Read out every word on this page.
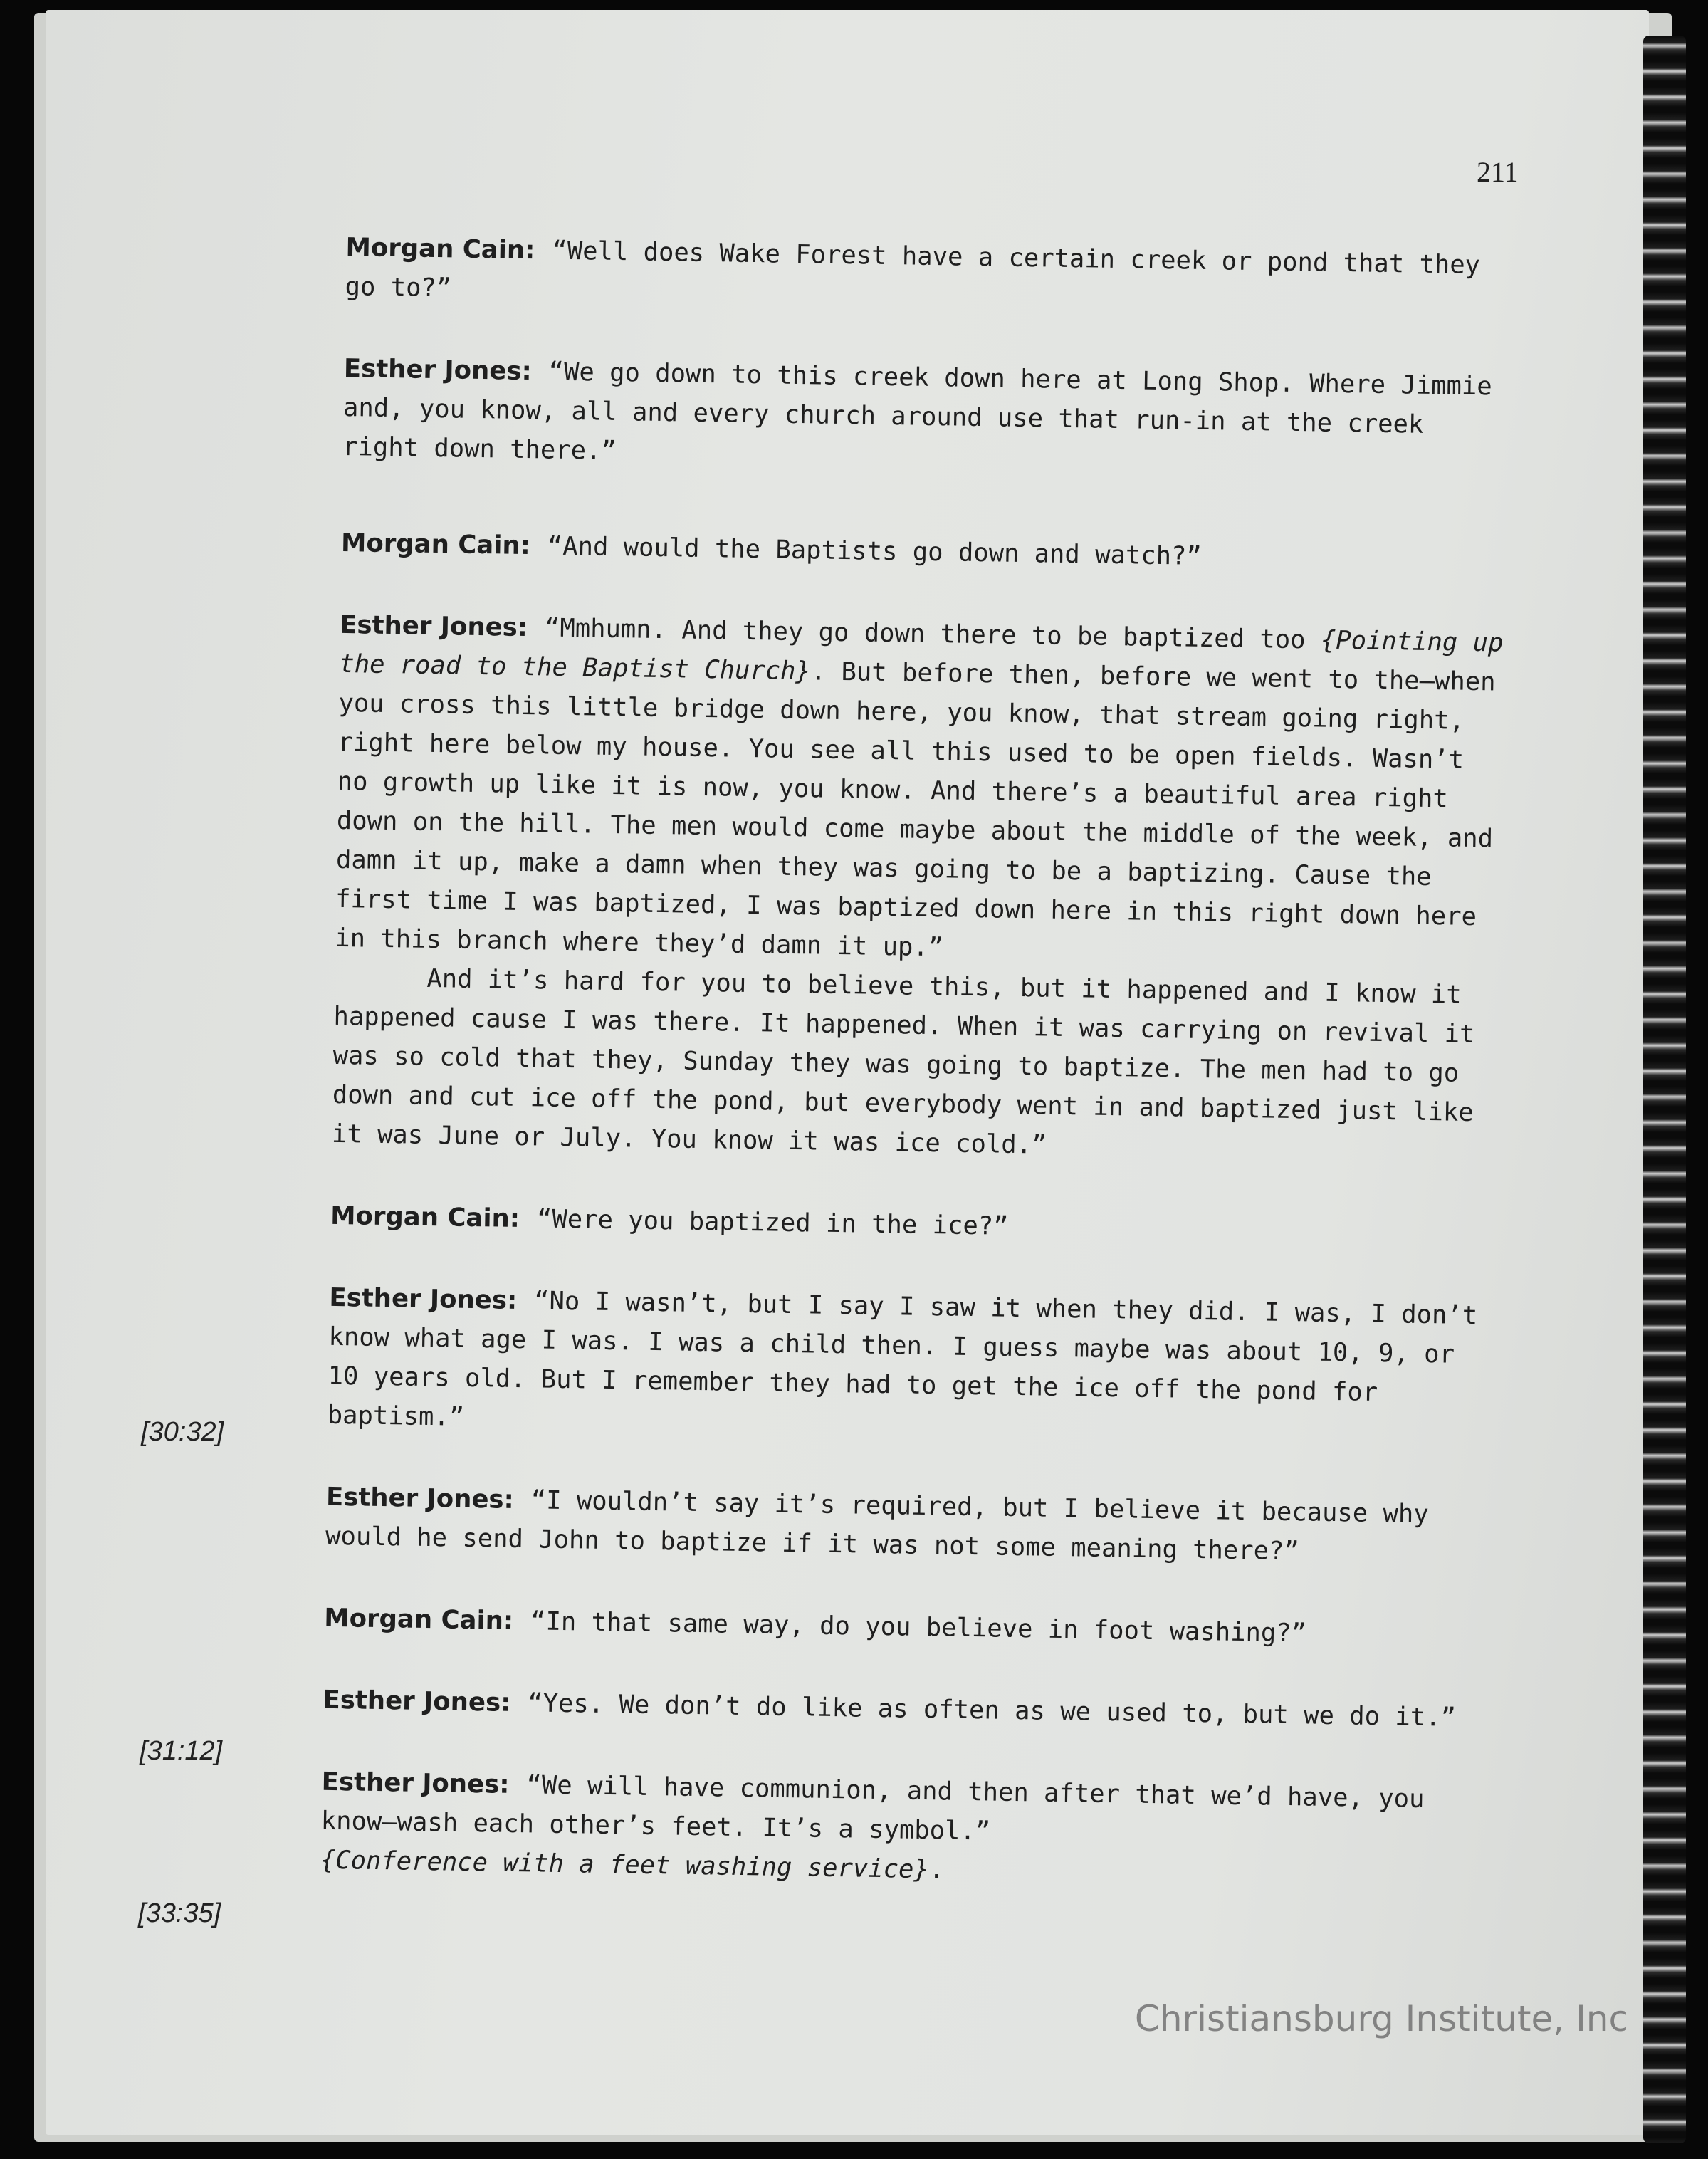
211

Morgan Cain: “Well does Wake Forest have a certain creek or pond that they go to?”

Esther Jones: “We go down to this creek down here at Long Shop. Where Jimmie and, you know, all and every church around use that run-in at the creek right down there.”

Morgan Cain: “And would the Baptists go down and watch?”

Esther Jones: “Mmhumn. And they go down there to be baptized too {Pointing up the road to the Baptist Church}. But before then, before we went to the—when you cross this little bridge down here, you know, that stream going right, right here below my house. You see all this used to be open fields. Wasn’t no growth up like it is now, you know. And there’s a beautiful area right down on the hill. The men would come maybe about the middle of the week, and damn it up, make a damn when they was going to be a baptizing. Cause the first time I was baptized, I was baptized down here in this right down here in this branch where they’d damn it up.”

And it’s hard for you to believe this, but it happened and I know it happened cause I was there. It happened. When it was carrying on revival it was so cold that they, Sunday they was going to baptize. The men had to go down and cut ice off the pond, but everybody went in and baptized just like it was June or July. You know it was ice cold.”

Morgan Cain: “Were you baptized in the ice?”

Esther Jones: “No I wasn’t, but I say I saw it when they did. I was, I don’t know what age I was. I was a child then. I guess maybe was about 10, 9, or 10 years old. But I remember they had to get the ice off the pond for baptism.”

Esther Jones: “I wouldn’t say it’s required, but I believe it because why would he send John to baptize if it was not some meaning there?”

Morgan Cain: “In that same way, do you believe in foot washing?”

Esther Jones: “Yes. We don’t do like as often as we used to, but we do it.”

Esther Jones: “We will have communion, and then after that we’d have, you know—wash each other’s feet. It’s a symbol.”

{Conference with a feet washing service}.

[30:32]
[31:12]
[33:35]
Christiansburg Institute, Inc
